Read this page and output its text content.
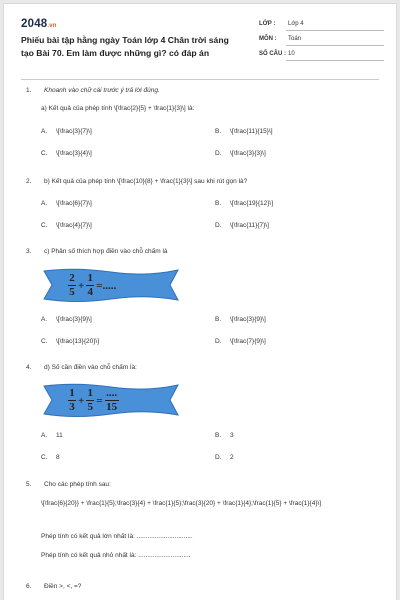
2048.vn
Phiếu bài tập hằng ngày Toán lớp 4 Chân trời sáng tạo Bài 70. Em làm được những gì? có đáp án
LỚP : Lớp 4
MÔN : Toán
SỐ CÂU : 10
1. Khoanh vào chữ cái trước ý trả lời đúng.
a) Kết quả của phép tính \[\frac{2}{5} + \frac{1}{3}\] là:
A. \[\frac{3}{7}\]	B. \[\frac{11}{15}\]
C. \[\frac{3}{4}\]	D. \[\frac{3}{3}\]
2. b) Kết quả của phép tính \[\frac{10}{8} + \frac{1}{3}\] sau khi rút gọn là?
A. \[\frac{6}{7}\]	B. \[\frac{19}{12}\]
C. \[\frac{4}{7}\]	D. \[\frac{11}{7}\]
3. c) Phân số thích hợp điền vào chỗ chấm là
2
5
+
1
4
=.....
A. \[\frac{3}{9}\]	B. \[\frac{3}{9}\]
C. \[\frac{13}{20}\]	D. \[\frac{7}{9}\]
4. d) Số cần điền vào chỗ chấm là:
1
3
+
1
5
=
....
15
A. 11	B. 3
C. 8	D. 2
5. Cho các phép tính sau:
\[\frac{6}{20}} + \frac{1}{5};\frac{3}{4} + \frac{1}{5};\frac{3}{20} + \frac{1}{4};\frac{1}{5} + \frac{1}{4}\]
Phép tính có kết quả lớn nhất là: ...............................
Phép tính có kết quả nhỏ nhất là: .............................
6. Điền >, <, =?
